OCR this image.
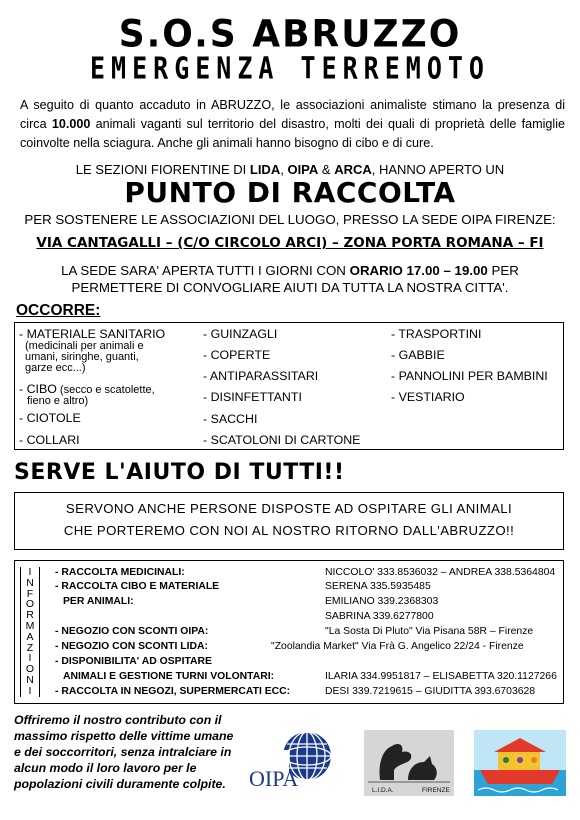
S.O.S ABRUZZO
EMERGENZA TERREMOTO
A seguito di quanto accaduto in ABRUZZO, le associazioni animaliste stimano la presenza di circa 10.000 animali vaganti sul territorio del disastro, molti dei quali di proprietà delle famiglie coinvolte nella sciagura. Anche gli animali hanno bisogno di cibo e di cure.
LE SEZIONI FIORENTINE DI LIDA, OIPA & ARCA, HANNO APERTO UN
PUNTO DI RACCOLTA
PER SOSTENERE LE ASSOCIAZIONI DEL LUOGO, PRESSO LA SEDE OIPA FIRENZE:
VIA CANTAGALLI – (C/O CIRCOLO ARCI) – ZONA PORTA ROMANA – FI
LA SEDE SARA' APERTA TUTTI I GIORNI CON ORARIO 17.00 – 19.00 PER
PERMETTERE DI CONVOGLIARE AIUTI DA TUTTA LA NOSTRA CITTA'.
OCCORRE:
- MATERIALE SANITARIO
(medicinali per animali e
umani, siringhe, guanti,
garze ecc...)
- CIBO (secco e scatolette,
fieno e altro)
- CIOTOLE
- COLLARI
- GUINZAGLI
- COPERTE
- ANTIPARASSITARI
- DISINFETTANTI
- SACCHI
- SCATOLONI DI CARTONE
- TRASPORTINI
- GABBIE
- PANNOLINI PER BAMBINI
- VESTIARIO
SERVE L'AIUTO DI TUTTI!!
SERVONO ANCHE PERSONE DISPOSTE AD OSPITARE GLI ANIMALI
CHE PORTEREMO CON NOI AL NOSTRO RITORNO DALL'ABRUZZO!!
I
N
F
O
R
M
A
Z
I
O
N
I
- RACCOLTA MEDICINALI:	NICCOLO' 333.8536032 – ANDREA 338.5364804
- RACCOLTA CIBO E MATERIALE	SERENA 335.5935485
PER ANIMALI:	EMILIANO 339.2368303
SABRINA 339.6277800
- NEGOZIO CON SCONTI OIPA:	"La Sosta Di Pluto" Via Pisana 58R – Firenze
- NEGOZIO CON SCONTI LIDA:	"Zoolandia Market" Via Frà G. Angelico 22/24 - Firenze
- DISPONIBILITA' AD OSPITARE
ANIMALI E GESTIONE TURNI VOLONTARI:	ILARIA 334.9951817 – ELISABETTA 320.1127266
- RACCOLTA IN NEGOZI, SUPERMERCATI ECC:	DESI 339.7219615 – GIUDITTA 393.6703628
Offriremo il nostro contributo con il massimo rispetto delle vittime umane e dei soccorritori, senza intralciare in alcun modo il loro lavoro per le popolazioni civili duramente colpite.	OIPA	L.I.D.A.	FIRENZE
